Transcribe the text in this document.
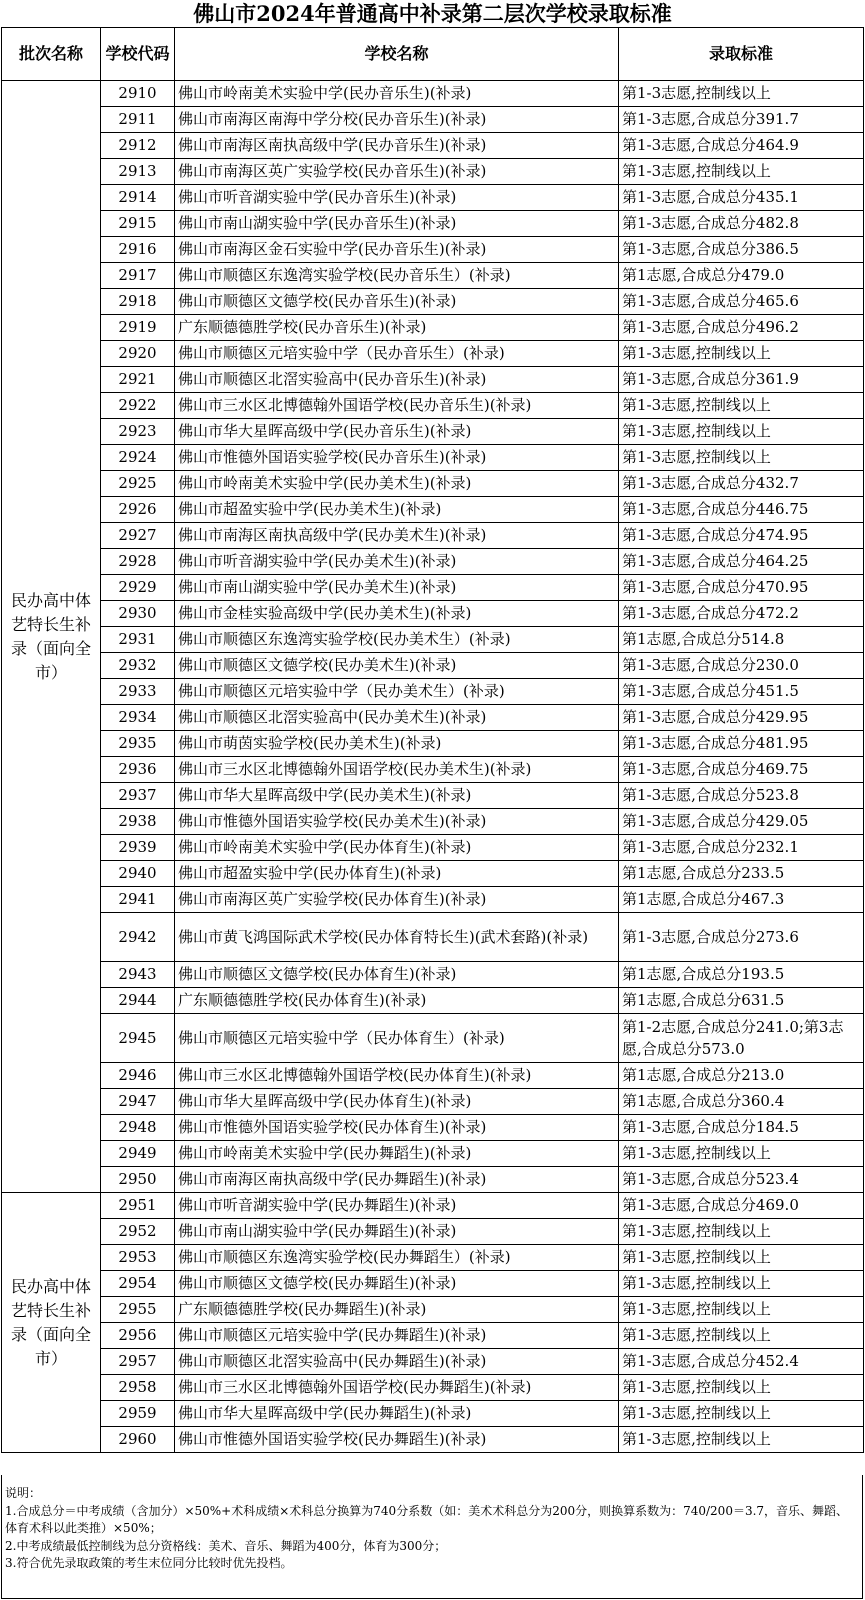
佛山市2024年普通高中补录第二层次学校录取标准
批次名称	学校代码	学校名称	录取标准
民办高中体艺特长生补录（面向全市）	2910	佛山市岭南美术实验中学(民办音乐生)(补录)	第1-3志愿,控制线以上
	2911	佛山市南海区南海中学分校(民办音乐生)(补录)	第1-3志愿,合成总分391.7
	2912	佛山市南海区南执高级中学(民办音乐生)(补录)	第1-3志愿,合成总分464.9
	2913	佛山市南海区英广实验学校(民办音乐生)(补录)	第1-3志愿,控制线以上
	2914	佛山市听音湖实验中学(民办音乐生)(补录)	第1-3志愿,合成总分435.1
	2915	佛山市南山湖实验中学(民办音乐生)(补录)	第1-3志愿,合成总分482.8
	2916	佛山市南海区金石实验中学(民办音乐生)(补录)	第1-3志愿,合成总分386.5
	2917	佛山市顺德区东逸湾实验学校(民办音乐生）(补录)	第1志愿,合成总分479.0
	2918	佛山市顺德区文德学校(民办音乐生)(补录)	第1-3志愿,合成总分465.6
	2919	广东顺德德胜学校(民办音乐生)(补录)	第1-3志愿,合成总分496.2
	2920	佛山市顺德区元培实验中学（民办音乐生）(补录)	第1-3志愿,控制线以上
	2921	佛山市顺德区北滘实验高中(民办音乐生)(补录)	第1-3志愿,合成总分361.9
	2922	佛山市三水区北博德翰外国语学校(民办音乐生)(补录)	第1-3志愿,控制线以上
	2923	佛山市华大星晖高级中学(民办音乐生)(补录)	第1-3志愿,控制线以上
	2924	佛山市惟德外国语实验学校(民办音乐生)(补录)	第1-3志愿,控制线以上
	2925	佛山市岭南美术实验中学(民办美术生)(补录)	第1-3志愿,合成总分432.7
	2926	佛山市超盈实验中学(民办美术生)(补录)	第1-3志愿,合成总分446.75
	2927	佛山市南海区南执高级中学(民办美术生)(补录)	第1-3志愿,合成总分474.95
	2928	佛山市听音湖实验中学(民办美术生)(补录)	第1-3志愿,合成总分464.25
	2929	佛山市南山湖实验中学(民办美术生)(补录)	第1-3志愿,合成总分470.95
	2930	佛山市金桂实验高级中学(民办美术生)(补录)	第1-3志愿,合成总分472.2
	2931	佛山市顺德区东逸湾实验学校(民办美术生）(补录)	第1志愿,合成总分514.8
	2932	佛山市顺德区文德学校(民办美术生)(补录)	第1-3志愿,合成总分230.0
	2933	佛山市顺德区元培实验中学（民办美术生）(补录)	第1-3志愿,合成总分451.5
	2934	佛山市顺德区北滘实验高中(民办美术生)(补录)	第1-3志愿,合成总分429.95
	2935	佛山市萌茵实验学校(民办美术生)(补录)	第1-3志愿,合成总分481.95
	2936	佛山市三水区北博德翰外国语学校(民办美术生)(补录)	第1-3志愿,合成总分469.75
	2937	佛山市华大星晖高级中学(民办美术生)(补录)	第1-3志愿,合成总分523.8
	2938	佛山市惟德外国语实验学校(民办美术生)(补录)	第1-3志愿,合成总分429.05
	2939	佛山市岭南美术实验中学(民办体育生)(补录)	第1-3志愿,合成总分232.1
	2940	佛山市超盈实验中学(民办体育生)(补录)	第1志愿,合成总分233.5
	2941	佛山市南海区英广实验学校(民办体育生)(补录)	第1志愿,合成总分467.3
	2942	佛山市黄飞鸿国际武术学校(民办体育特长生)(武术套路)(补录)	第1-3志愿,合成总分273.6
	2943	佛山市顺德区文德学校(民办体育生)(补录)	第1志愿,合成总分193.5
	2944	广东顺德德胜学校(民办体育生)(补录)	第1志愿,合成总分631.5
	2945	佛山市顺德区元培实验中学（民办体育生）(补录)	第1-2志愿,合成总分241.0;第3志愿,合成总分573.0
	2946	佛山市三水区北博德翰外国语学校(民办体育生)(补录)	第1志愿,合成总分213.0
	2947	佛山市华大星晖高级中学(民办体育生)(补录)	第1志愿,合成总分360.4
	2948	佛山市惟德外国语实验学校(民办体育生)(补录)	第1-3志愿,合成总分184.5
	2949	佛山市岭南美术实验中学(民办舞蹈生)(补录)	第1-3志愿,控制线以上
	2950	佛山市南海区南执高级中学(民办舞蹈生)(补录)	第1-3志愿,合成总分523.4
民办高中体艺特长生补录（面向全市）	2951	佛山市听音湖实验中学(民办舞蹈生)(补录)	第1-3志愿,合成总分469.0
	2952	佛山市南山湖实验中学(民办舞蹈生)(补录)	第1-3志愿,控制线以上
	2953	佛山市顺德区东逸湾实验学校(民办舞蹈生）(补录)	第1-3志愿,控制线以上
	2954	佛山市顺德区文德学校(民办舞蹈生)(补录)	第1-3志愿,控制线以上
	2955	广东顺德德胜学校(民办舞蹈生)(补录)	第1-3志愿,控制线以上
	2956	佛山市顺德区元培实验中学(民办舞蹈生)(补录)	第1-3志愿,控制线以上
	2957	佛山市顺德区北滘实验高中(民办舞蹈生)(补录)	第1-3志愿,合成总分452.4
	2958	佛山市三水区北博德翰外国语学校(民办舞蹈生)(补录)	第1-3志愿,控制线以上
	2959	佛山市华大星晖高级中学(民办舞蹈生)(补录)	第1-3志愿,控制线以上
	2960	佛山市惟德外国语实验学校(民办舞蹈生)(补录)	第1-3志愿,控制线以上
说明：
1.合成总分＝中考成绩（含加分）×50%+术科成绩×术科总分换算为740分系数（如：美术术科总分为200分，则换算系数为：740/200＝3.7，音乐、舞蹈、体育术科以此类推）×50%；
2.中考成绩最低控制线为总分资格线：美术、音乐、舞蹈为400分，体育为300分；
3.符合优先录取政策的考生末位同分比较时优先投档。
